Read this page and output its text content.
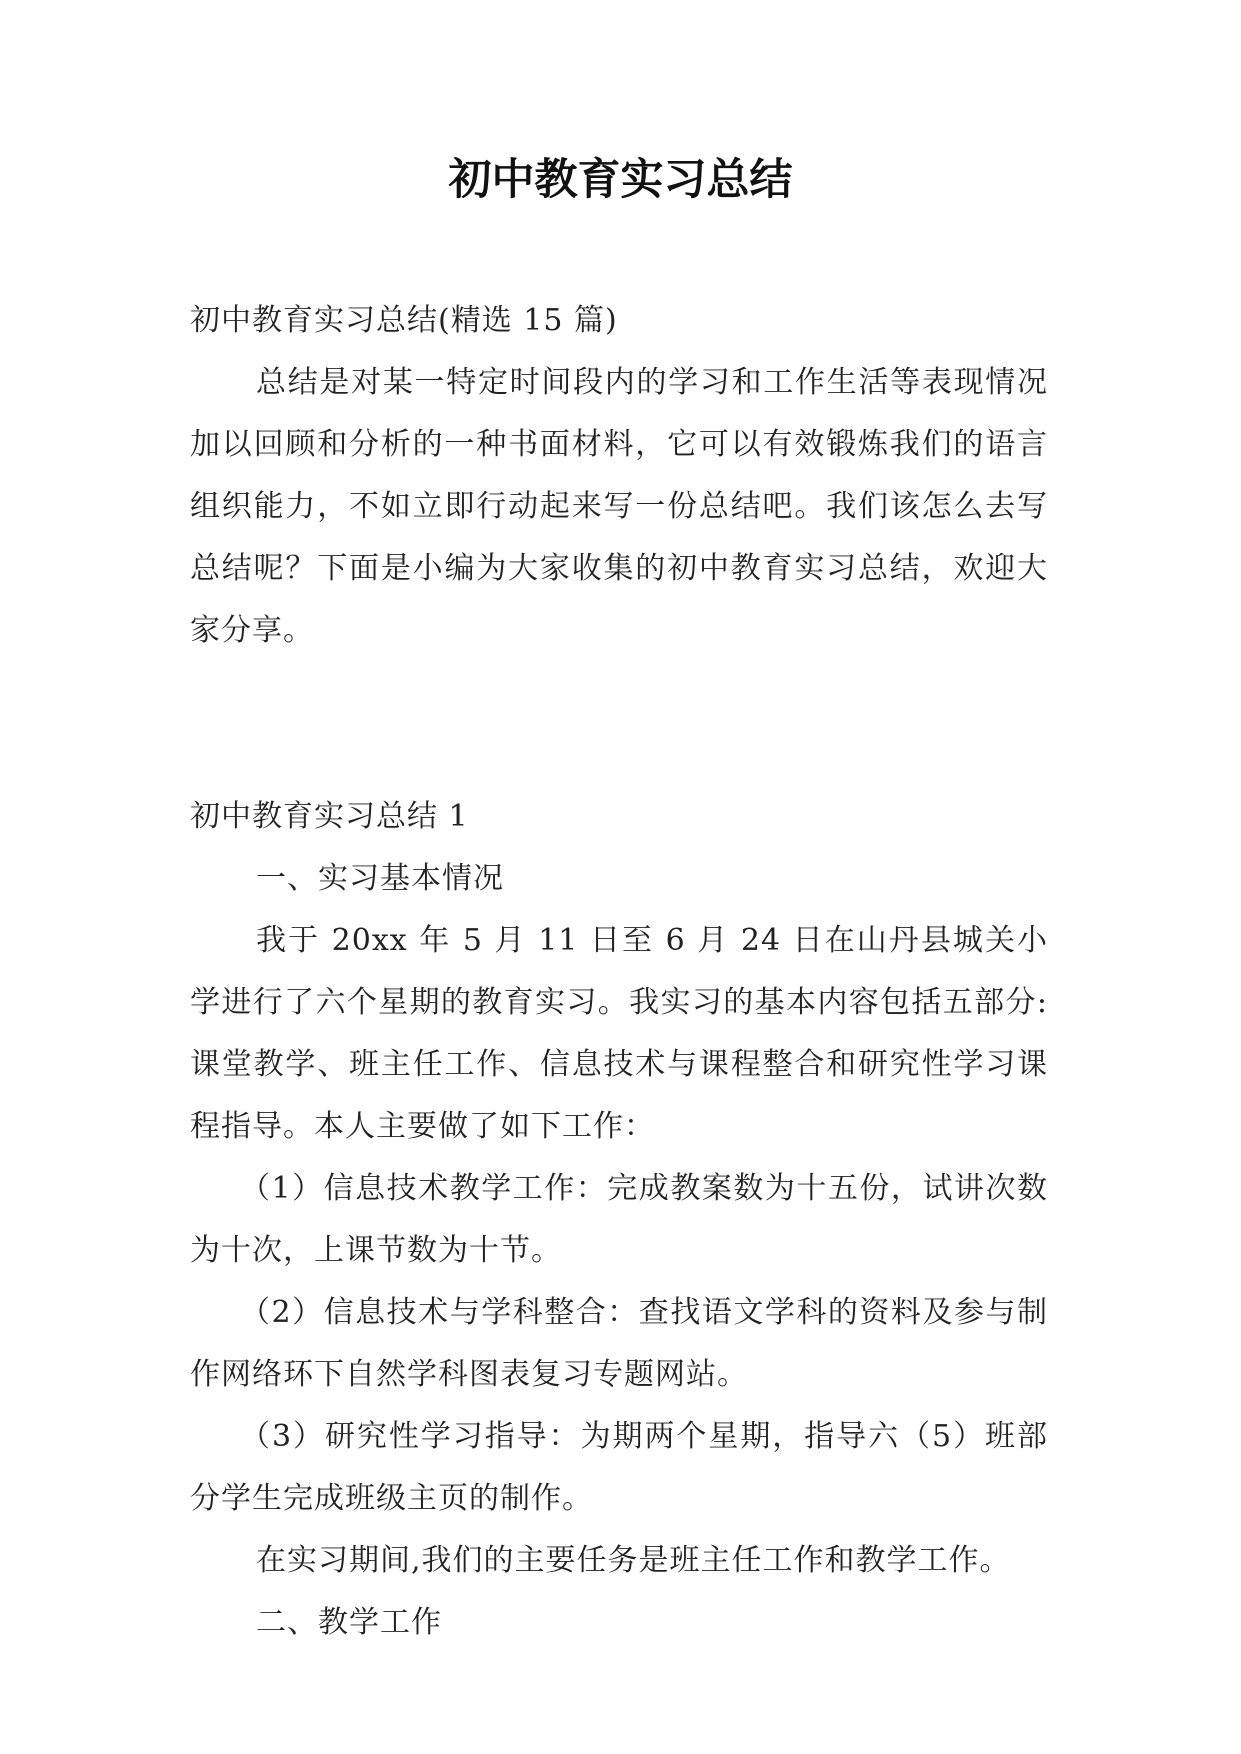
初中教育实习总结

初中教育实习总结(精选 15 篇)

总结是对某一特定时间段内的学习和工作生活等表现情况加以回顾和分析的一种书面材料，它可以有效锻炼我们的语言组织能力，不如立即行动起来写一份总结吧。我们该怎么去写总结呢？下面是小编为大家收集的初中教育实习总结，欢迎大家分享。

初中教育实习总结 1

一、实习基本情况

我于 20xx 年 5 月 11 日至 6 月 24 日在山丹县城关小学进行了六个星期的教育实习。我实习的基本内容包括五部分:课堂教学、班主任工作、信息技术与课程整合和研究性学习课程指导。本人主要做了如下工作：

（1）信息技术教学工作：完成教案数为十五份，试讲次数为十次，上课节数为十节。

（2）信息技术与学科整合：查找语文学科的资料及参与制作网络环下自然学科图表复习专题网站。

（3）研究性学习指导：为期两个星期，指导六（5）班部分学生完成班级主页的制作。

在实习期间,我们的主要任务是班主任工作和教学工作。

二、教学工作
